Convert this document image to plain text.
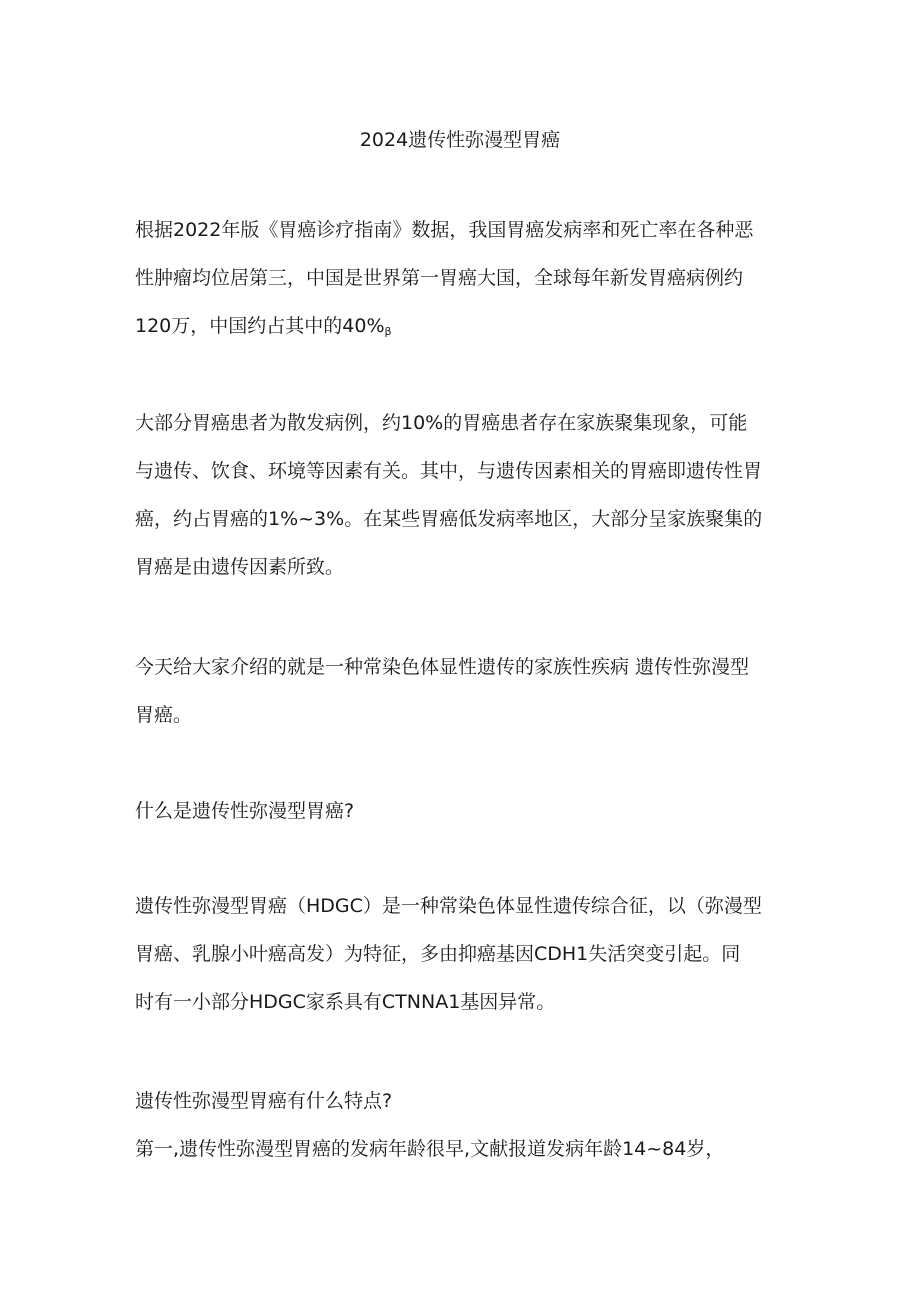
2024遗传性弥漫型胃癌
根据2022年版《胃癌诊疗指南》数据，我国胃癌发病率和死亡率在各种恶
性肿瘤均位居第三，中国是世界第一胃癌大国，全球每年新发胃癌病例约
120万，中国约占其中的$40\%_\beta$
大部分胃癌患者为散发病例，约10%的胃癌患者存在家族聚集现象，可能
与遗传、饮食、环境等因素有关。其中，与遗传因素相关的胃癌即遗传性胃
癌，约占胃癌的1%~3%。在某些胃癌低发病率地区，大部分呈家族聚集的
胃癌是由遗传因素所致。
今天给大家介绍的就是一种常染色体显性遗传的家族性疾病 遗传性弥漫型
胃癌。
什么是遗传性弥漫型胃癌?
遗传性弥漫型胃癌（HDGC）是一种常染色体显性遗传综合征，以（弥漫型
胃癌、乳腺小叶癌高发）为特征，多由抑癌基因CDH1失活突变引起。同
时有一小部分HDGC家系具有CTNNA1基因异常。
遗传性弥漫型胃癌有什么特点?
第一,遗传性弥漫型胃癌的发病年龄很早,文献报道发病年龄14~84岁，
